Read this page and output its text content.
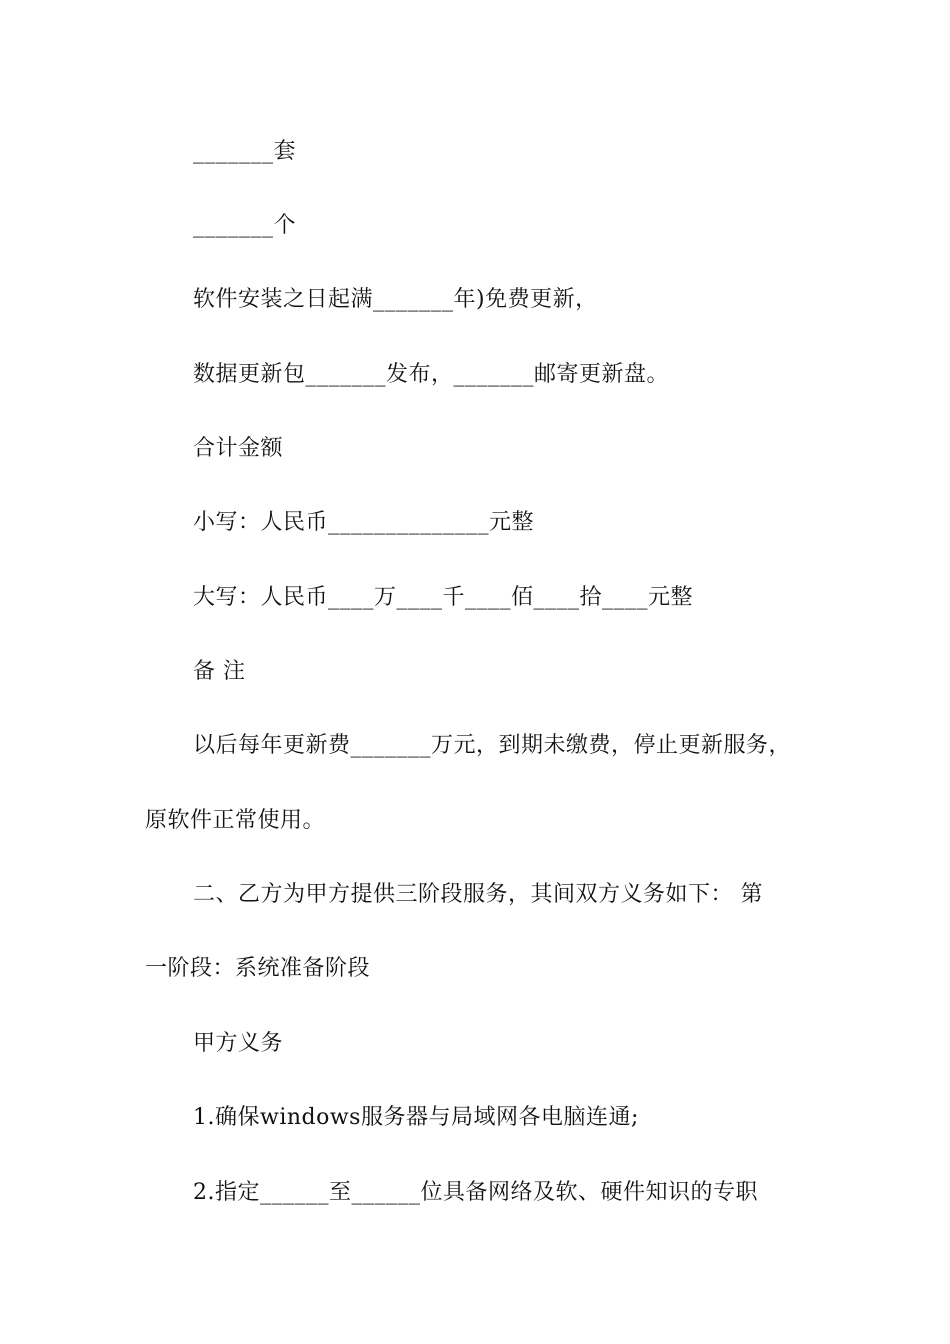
_______套
_______个
软件安装之日起满_______年)免费更新，
数据更新包_______发布，_______邮寄更新盘。
合计金额
小写：人民币______________元整
大写：人民币____万____千____佰____拾____元整
备 注
以后每年更新费_______万元，到期未缴费，停止更新服务，
原软件正常使用。
二、乙方为甲方提供三阶段服务，其间双方义务如下： 第
一阶段：系统准备阶段
甲方义务
1.确保windows服务器与局域网各电脑连通;
2.指定______至______位具备网络及软、硬件知识的专职
